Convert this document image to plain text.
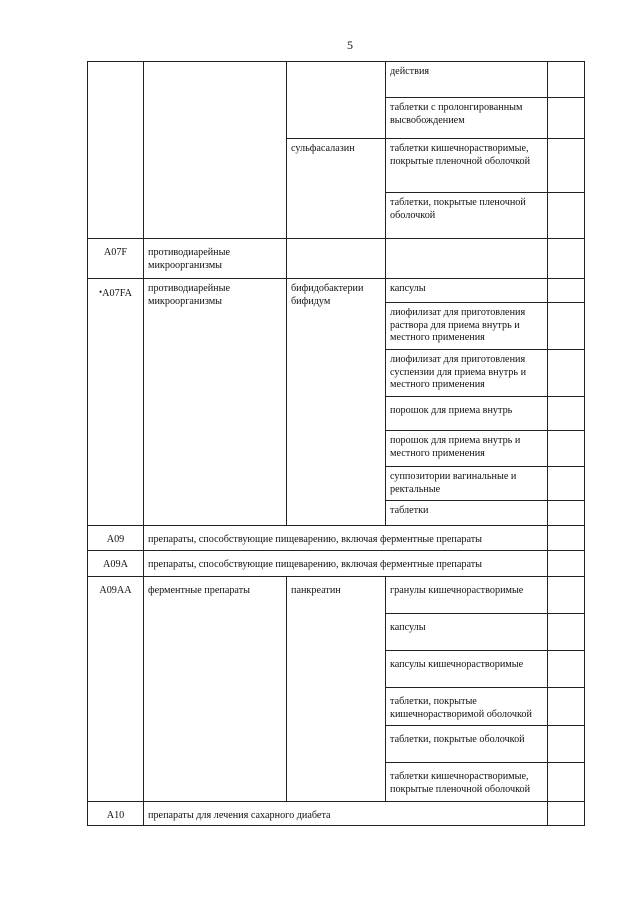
5
			действия	
			таблетки с пролонгированным высвобождением	
		сульфасалазин	таблетки кишечнорастворимые, покрытые пленочной оболочкой	
			таблетки, покрытые пленочной оболочкой	
A07F	противодиарейные микроорганизмы			
•A07FA	противодиарейные микроорганизмы	бифидобактерии бифидум	капсулы	
			лиофилизат для приготовления раствора для приема внутрь и местного применения	
			лиофилизат для приготовления суспензии для приема внутрь и местного применения	
			порошок для приема внутрь	
			порошок для приема внутрь и местного применения	
			суппозитории вагинальные и ректальные	
			таблетки	
A09	препараты, способствующие пищеварению, включая ферментные препараты			
A09A	препараты, способствующие пищеварению, включая ферментные препараты			
A09AA	ферментные препараты	панкреатин	гранулы кишечнорастворимые	
			капсулы	
			капсулы кишечнорастворимые	
			таблетки, покрытые кишечнорастворимой оболочкой	
			таблетки, покрытые оболочкой	
			таблетки кишечнорастворимые, покрытые пленочной оболочкой	
A10	препараты для лечения сахарного диабета			
